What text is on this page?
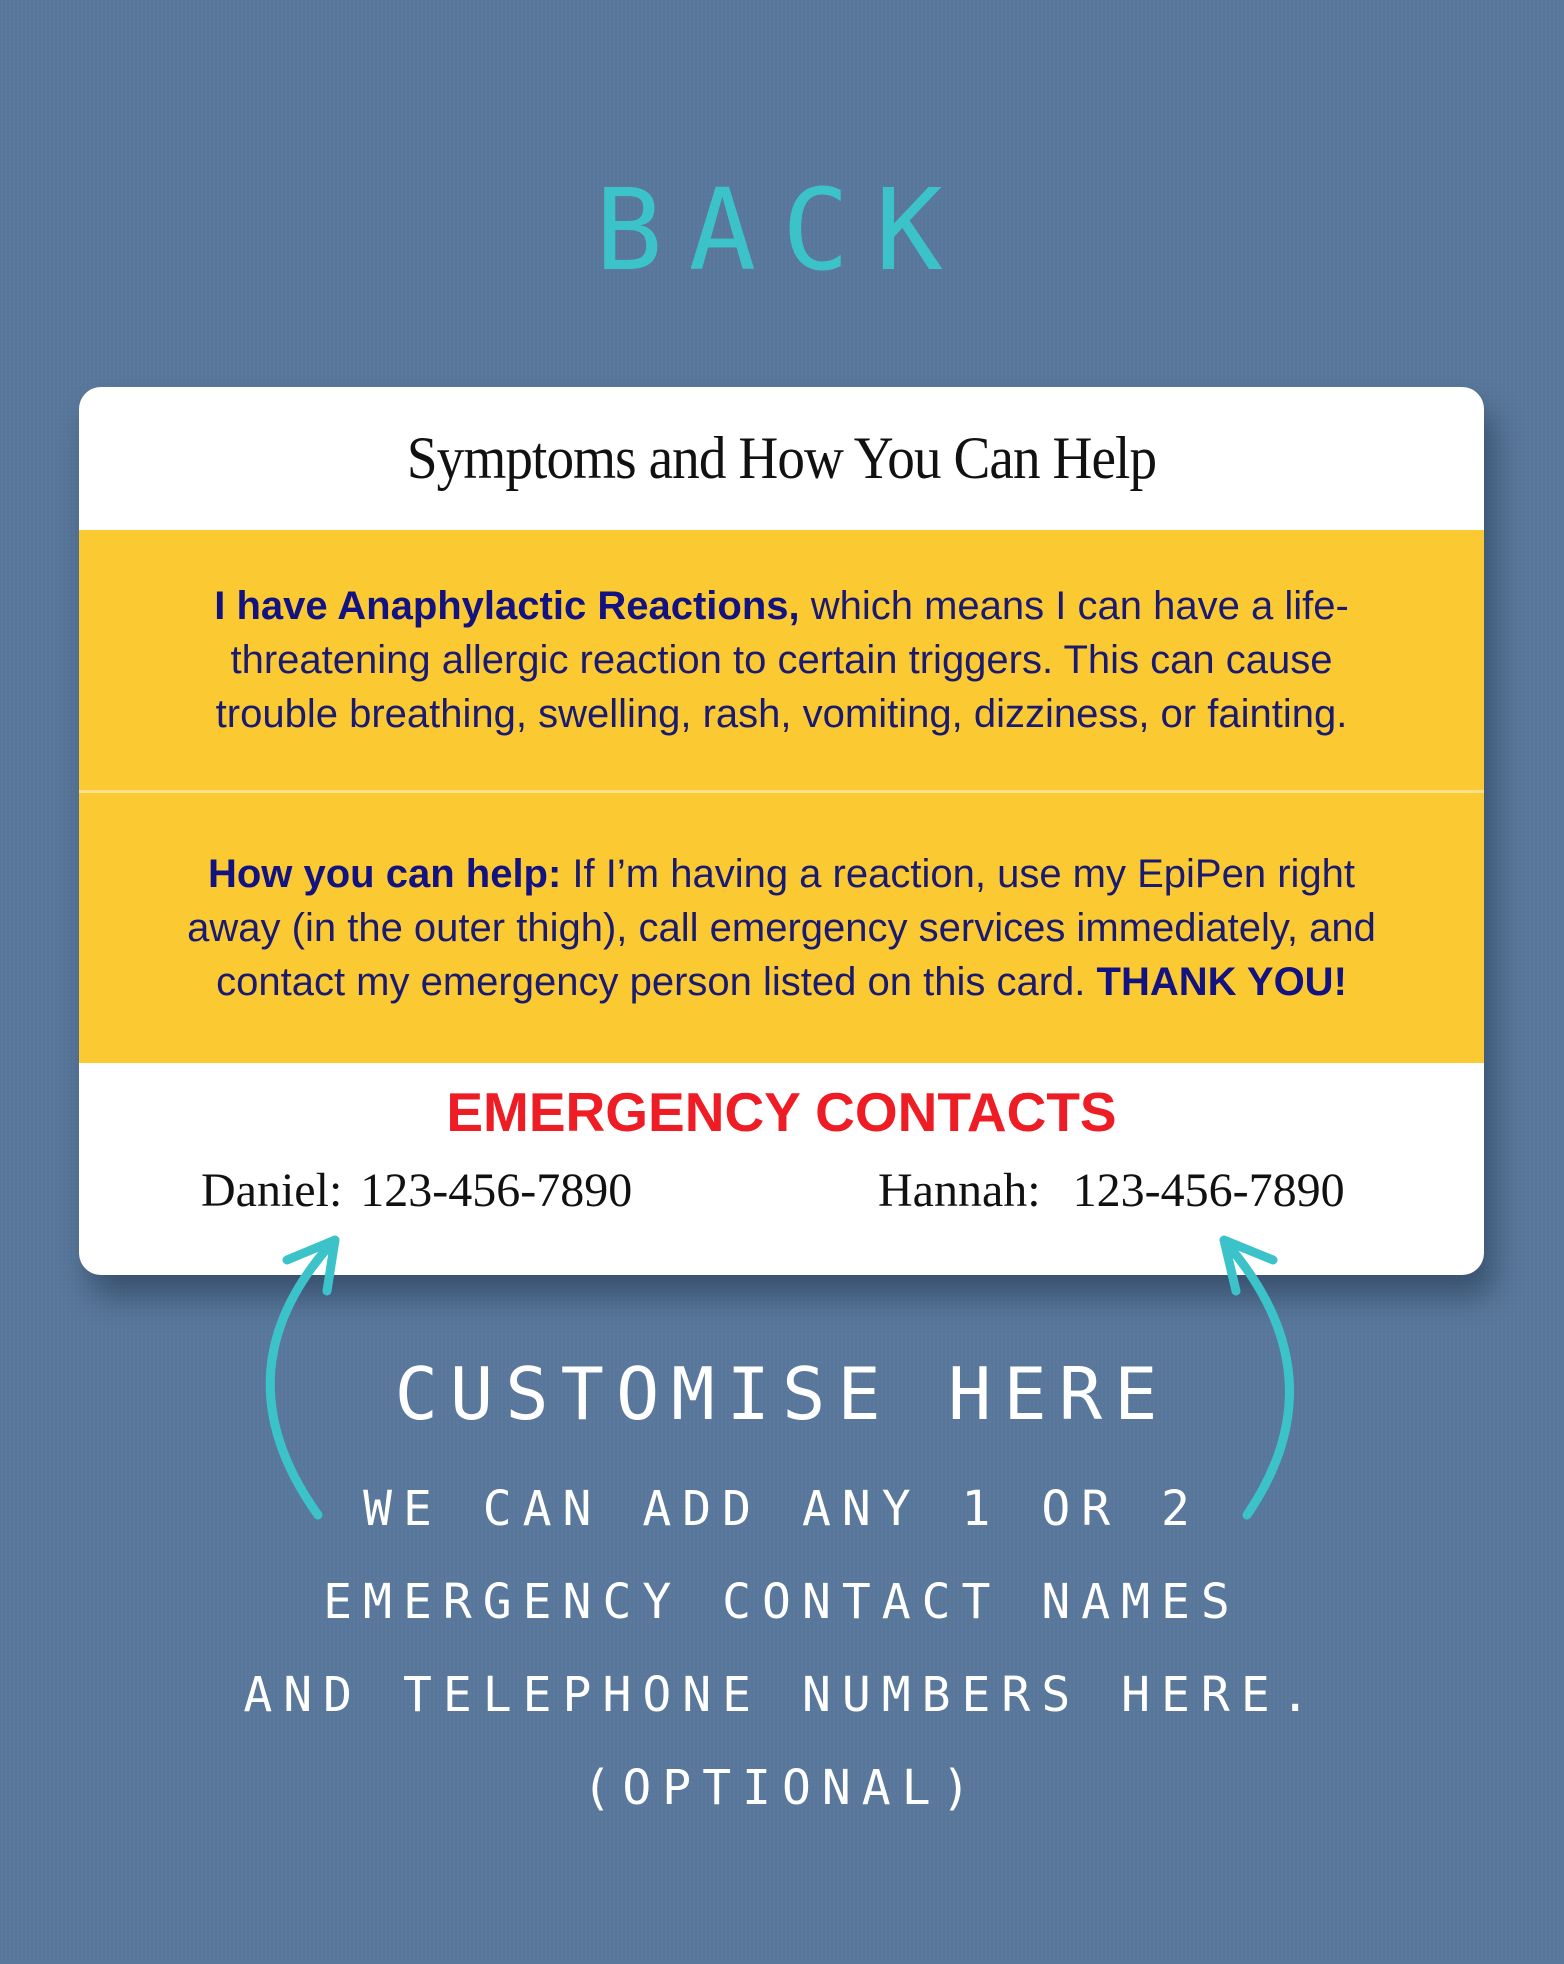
BACK
Symptoms and How You Can Help
I have Anaphylactic Reactions, which means I can have a life-threatening allergic reaction to certain triggers. This can cause trouble breathing, swelling, rash, vomiting, dizziness, or fainting.
How you can help: If I’m having a reaction, use my EpiPen right away (in the outer thigh), call emergency services immediately, and contact my emergency person listed on this card. THANK YOU!
EMERGENCY CONTACTS
Daniel: 123-456-7890	Hannah: 123-456-7890
CUSTOMISE HERE
WE CAN ADD ANY 1 OR 2
EMERGENCY CONTACT NAMES
AND TELEPHONE NUMBERS HERE.
(OPTIONAL)
